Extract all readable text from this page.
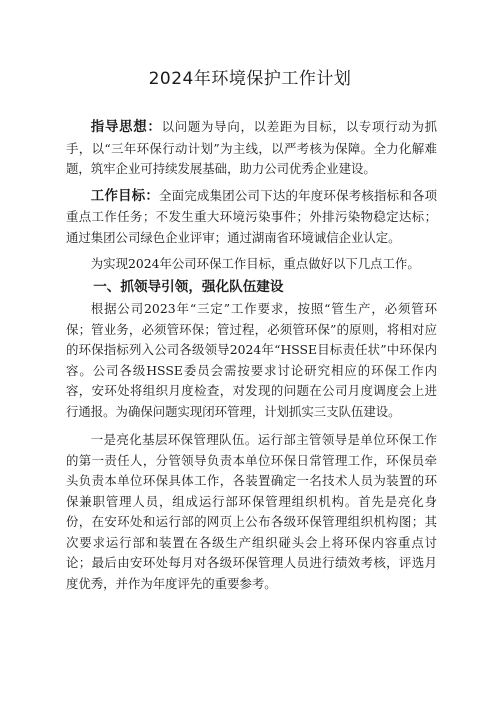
2024年环境保护工作计划

指导思想：以问题为导向，以差距为目标，以专项行动为抓手，以“三年环保行动计划”为主线，以严考核为保障。全力化解难题，筑牢企业可持续发展基础，助力公司优秀企业建设。

工作目标：全面完成集团公司下达的年度环保考核指标和各项重点工作任务；不发生重大环境污染事件；外排污染物稳定达标；通过集团公司绿色企业评审；通过湖南省环境诚信企业认定。

为实现2024年公司环保工作目标，重点做好以下几点工作。

一、抓领导引领，强化队伍建设

根据公司2023年“三定”工作要求，按照“管生产，必须管环保；管业务，必须管环保；管过程，必须管环保”的原则，将相对应的环保指标列入公司各级领导2024年“HSSE目标责任状”中环保内容。公司各级HSSE委员会需按要求讨论研究相应的环保工作内容，安环处将组织月度检查，对发现的问题在公司月度调度会上进行通报。为确保问题实现闭环管理，计划抓实三支队伍建设。

一是亮化基层环保管理队伍。运行部主管领导是单位环保工作的第一责任人，分管领导负责本单位环保日常管理工作，环保员牵头负责本单位环保具体工作，各装置确定一名技术人员为装置的环保兼职管理人员，组成运行部环保管理组织机构。首先是亮化身份，在安环处和运行部的网页上公布各级环保管理组织机构图；其次要求运行部和装置在各级生产组织碰头会上将环保内容重点讨论；最后由安环处每月对各级环保管理人员进行绩效考核，评选月度优秀，并作为年度评先的重要参考。
